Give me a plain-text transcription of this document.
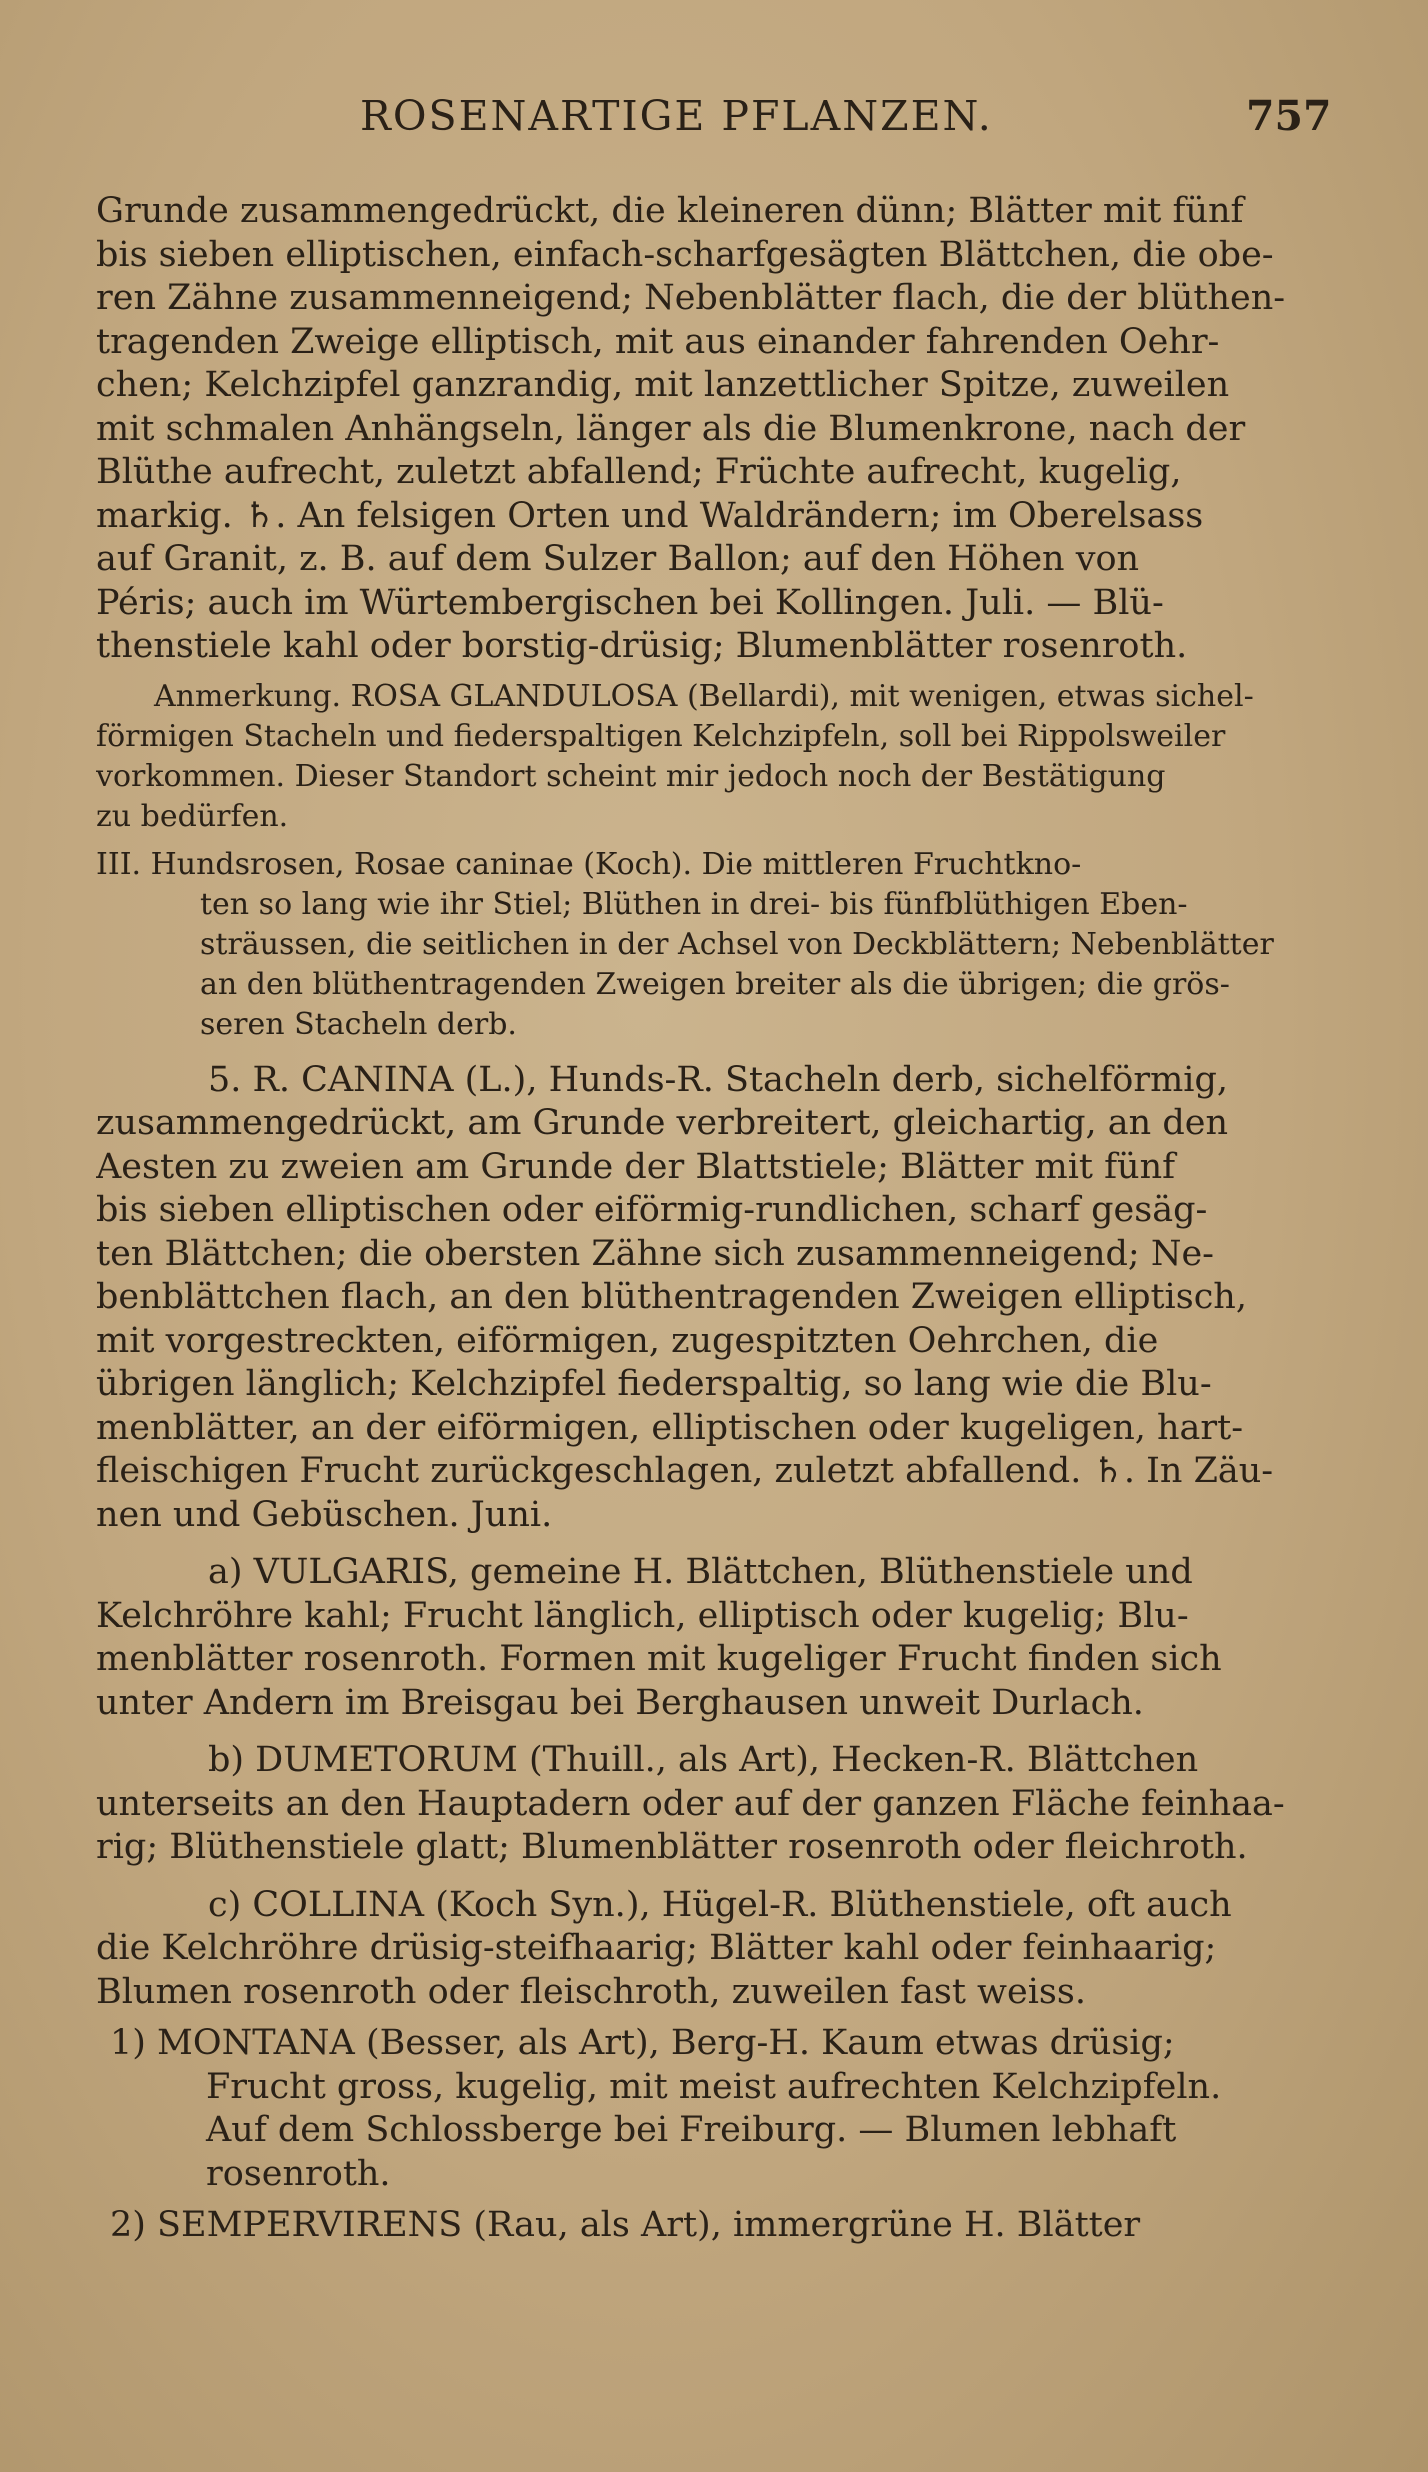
ROSENARTIGE PFLANZEN.	757
Grunde zusammengedrückt, die kleineren dünn; Blätter mit fünf
bis sieben elliptischen, einfach-scharfgesägten Blättchen, die obe-
ren Zähne zusammenneigend; Nebenblätter flach, die der blüthen-
tragenden Zweige elliptisch, mit aus einander fahrenden Oehr-
chen; Kelchzipfel ganzrandig, mit lanzettlicher Spitze, zuweilen
mit schmalen Anhängseln, länger als die Blumenkrone, nach der
Blüthe aufrecht, zuletzt abfallend; Früchte aufrecht, kugelig,
markig. ♄. An felsigen Orten und Waldrändern; im Oberelsass
auf Granit, z. B. auf dem Sulzer Ballon; auf den Höhen von
Péris; auch im Würtembergischen bei Kollingen. Juli. — Blü-
thenstiele kahl oder borstig-drüsig; Blumenblätter rosenroth.
Anmerkung. ROSA GLANDULOSA (Bellardi), mit wenigen, etwas sichel-
förmigen Stacheln und fiederspaltigen Kelchzipfeln, soll bei Rippolsweiler
vorkommen. Dieser Standort scheint mir jedoch noch der Bestätigung
zu bedürfen.
III. Hundsrosen, Rosae caninae (Koch). Die mittleren Fruchtkno-
ten so lang wie ihr Stiel; Blüthen in drei- bis fünfblüthigen Eben-
sträussen, die seitlichen in der Achsel von Deckblättern; Nebenblätter
an den blüthentragenden Zweigen breiter als die übrigen; die grös-
seren Stacheln derb.
5. R. CANINA (L.), Hunds-R. Stacheln derb, sichelförmig,
zusammengedrückt, am Grunde verbreitert, gleichartig, an den
Aesten zu zweien am Grunde der Blattstiele; Blätter mit fünf
bis sieben elliptischen oder eiförmig-rundlichen, scharf gesäg-
ten Blättchen; die obersten Zähne sich zusammenneigend; Ne-
benblättchen flach, an den blüthentragenden Zweigen elliptisch,
mit vorgestreckten, eiförmigen, zugespitzten Oehrchen, die
übrigen länglich; Kelchzipfel fiederspaltig, so lang wie die Blu-
menblätter, an der eiförmigen, elliptischen oder kugeligen, hart-
fleischigen Frucht zurückgeschlagen, zuletzt abfallend. ♄. In Zäu-
nen und Gebüschen. Juni.
a) VULGARIS, gemeine H. Blättchen, Blüthenstiele und
Kelchröhre kahl; Frucht länglich, elliptisch oder kugelig; Blu-
menblätter rosenroth. Formen mit kugeliger Frucht finden sich
unter Andern im Breisgau bei Berghausen unweit Durlach.
b) DUMETORUM (Thuill., als Art), Hecken-R. Blättchen
unterseits an den Hauptadern oder auf der ganzen Fläche feinhaa-
rig; Blüthenstiele glatt; Blumenblätter rosenroth oder fleichroth.
c) COLLINA (Koch Syn.), Hügel-R. Blüthenstiele, oft auch
die Kelchröhre drüsig-steifhaarig; Blätter kahl oder feinhaarig;
Blumen rosenroth oder fleischroth, zuweilen fast weiss.
1) MONTANA (Besser, als Art), Berg-H. Kaum etwas drüsig;
Frucht gross, kugelig, mit meist aufrechten Kelchzipfeln.
Auf dem Schlossberge bei Freiburg. — Blumen lebhaft
rosenroth.
2) SEMPERVIRENS (Rau, als Art), immergrüne H. Blätter
